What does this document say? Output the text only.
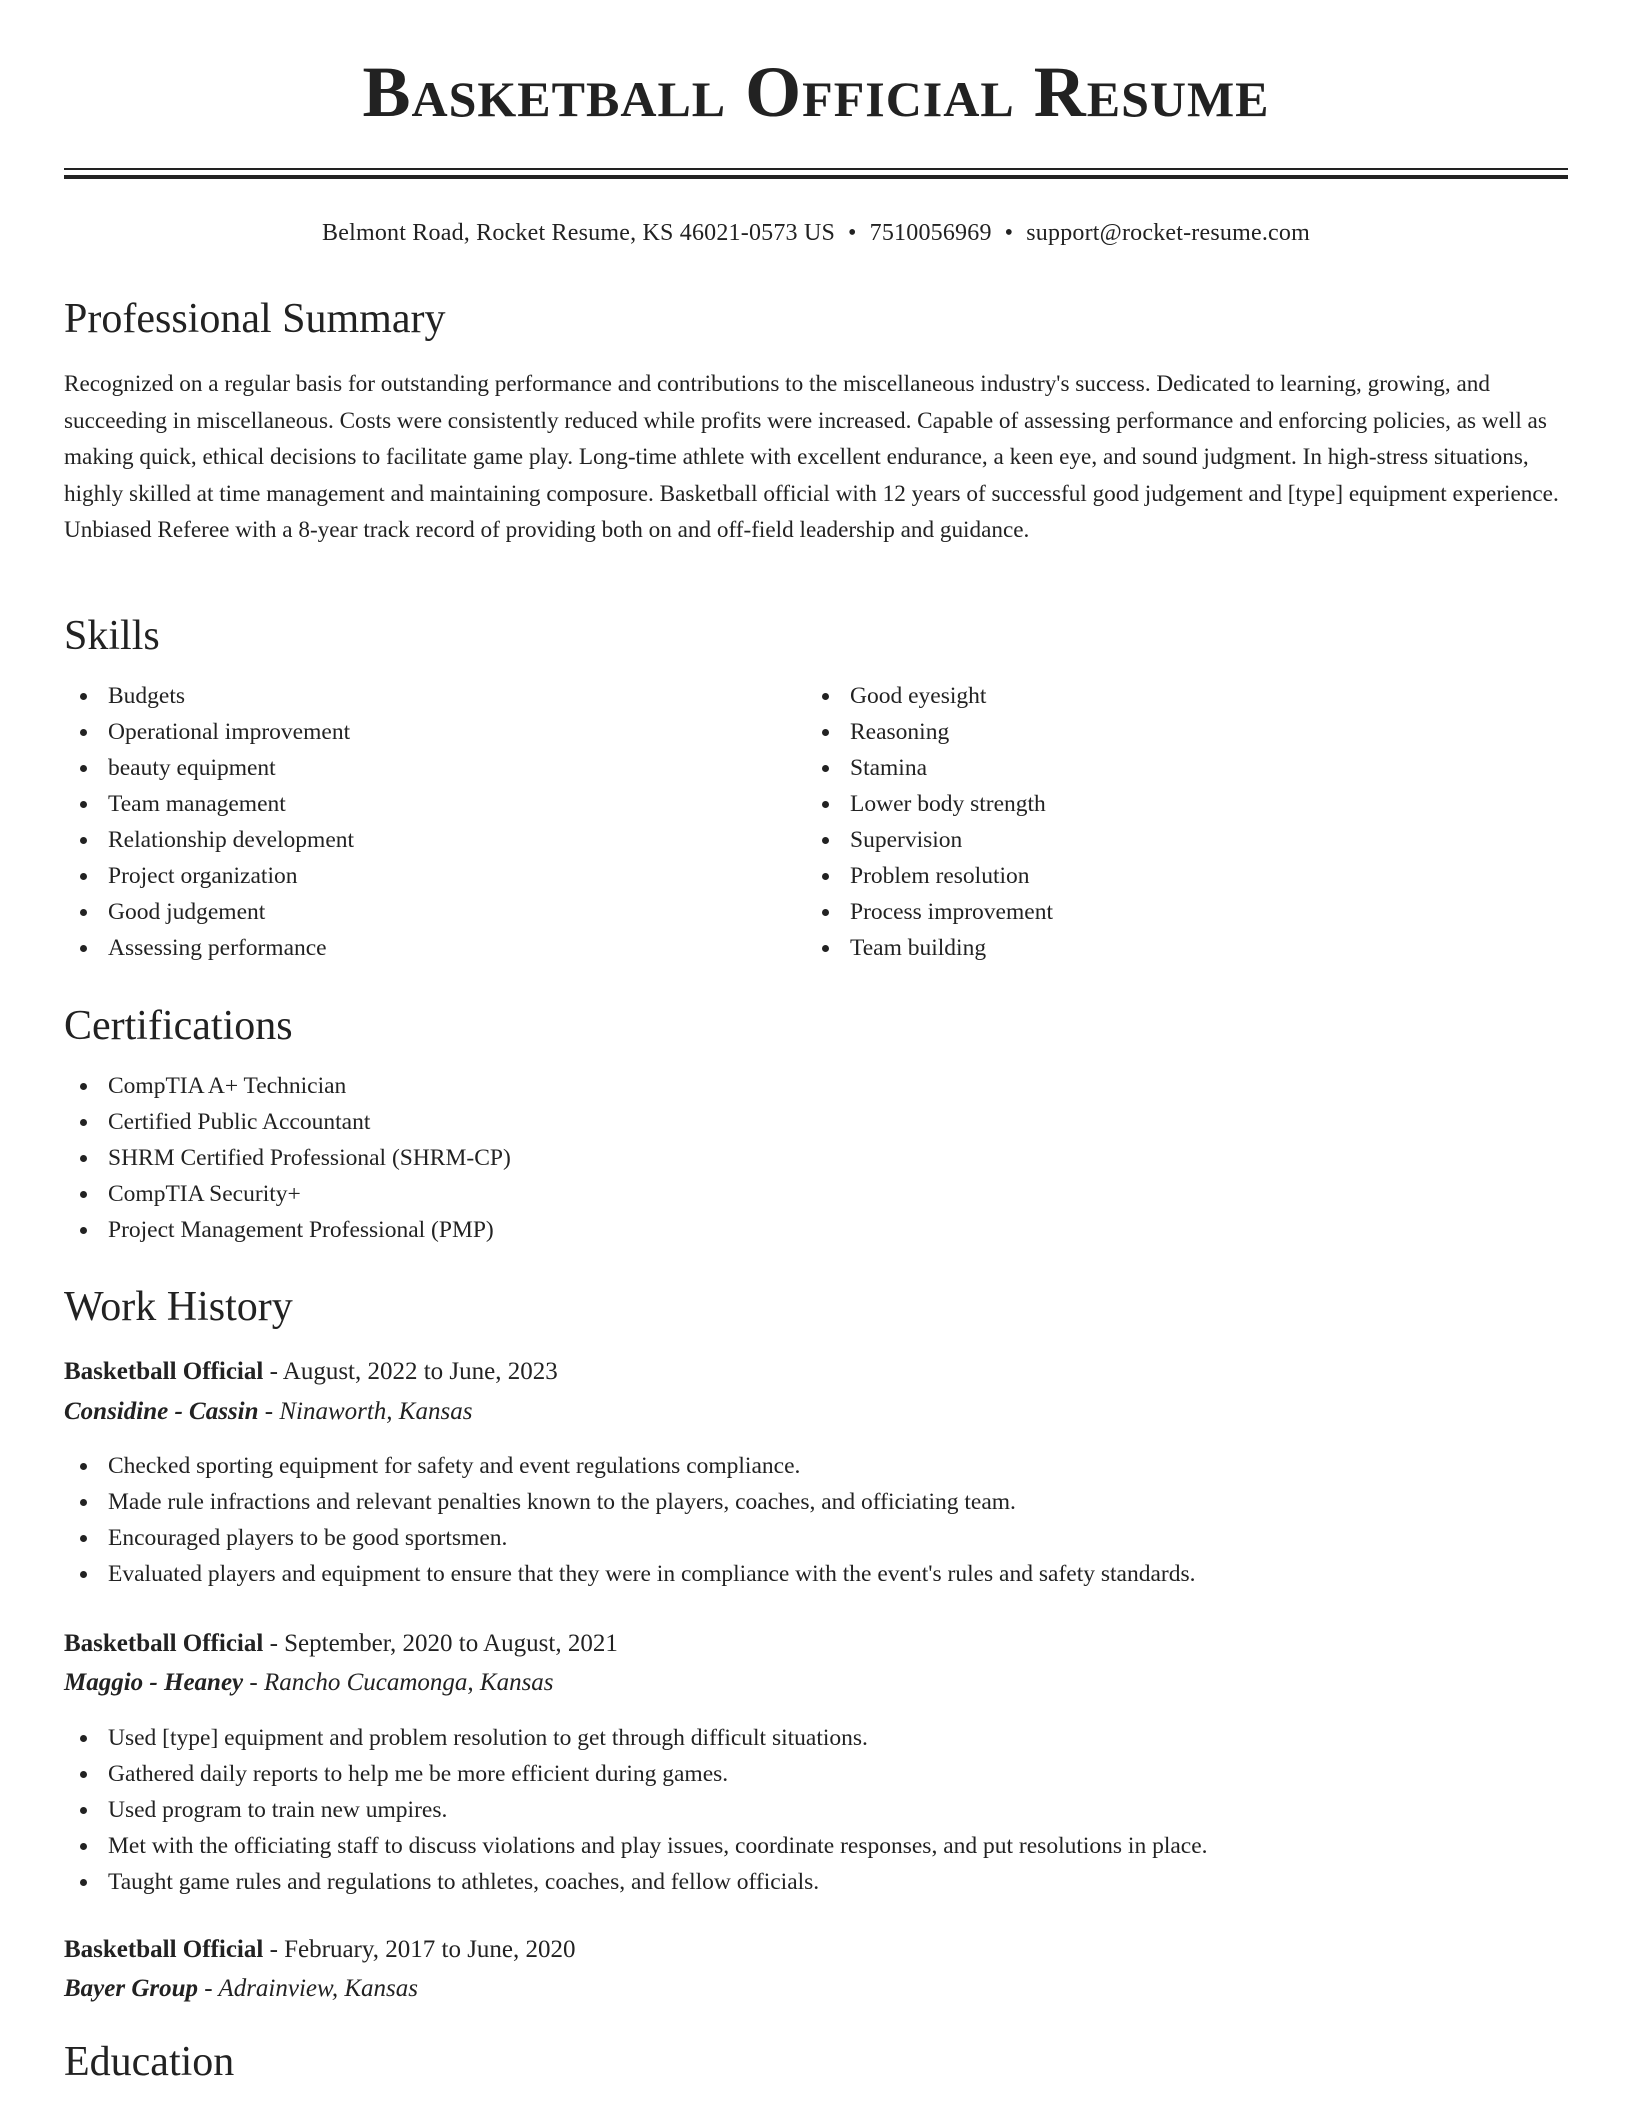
Basketball Official Resume
Belmont Road, Rocket Resume, KS 46021-0573 US • 7510056969 • support@rocket-resume.com
Professional Summary

Recognized on a regular basis for outstanding performance and contributions to the miscellaneous industry's success. Dedicated to learning, growing, and succeeding in miscellaneous. Costs were consistently reduced while profits were increased. Capable of assessing performance and enforcing policies, as well as making quick, ethical decisions to facilitate game play. Long-time athlete with excellent endurance, a keen eye, and sound judgment. In high-stress situations, highly skilled at time management and maintaining composure. Basketball official with 12 years of successful good judgement and [type] equipment experience. Unbiased Referee with a 8-year track record of providing both on and off-field leadership and guidance.

Skills
Budgets
Operational improvement
beauty equipment
Team management
Relationship development
Project organization
Good judgement
Assessing performance
Good eyesight
Reasoning
Stamina
Lower body strength
Supervision
Problem resolution
Process improvement
Team building
Certifications
CompTIA A+ Technician
Certified Public Accountant
SHRM Certified Professional (SHRM-CP)
CompTIA Security+
Project Management Professional (PMP)
Work History
Basketball Official - August, 2022 to June, 2023
Considine - Cassin - Ninaworth, Kansas
Checked sporting equipment for safety and event regulations compliance.
Made rule infractions and relevant penalties known to the players, coaches, and officiating team.
Encouraged players to be good sportsmen.
Evaluated players and equipment to ensure that they were in compliance with the event's rules and safety standards.
Basketball Official - September, 2020 to August, 2021
Maggio - Heaney - Rancho Cucamonga, Kansas
Used [type] equipment and problem resolution to get through difficult situations.
Gathered daily reports to help me be more efficient during games.
Used program to train new umpires.
Met with the officiating staff to discuss violations and play issues, coordinate responses, and put resolutions in place.
Taught game rules and regulations to athletes, coaches, and fellow officials.
Basketball Official - February, 2017 to June, 2020
Bayer Group - Adrainview, Kansas
Education
